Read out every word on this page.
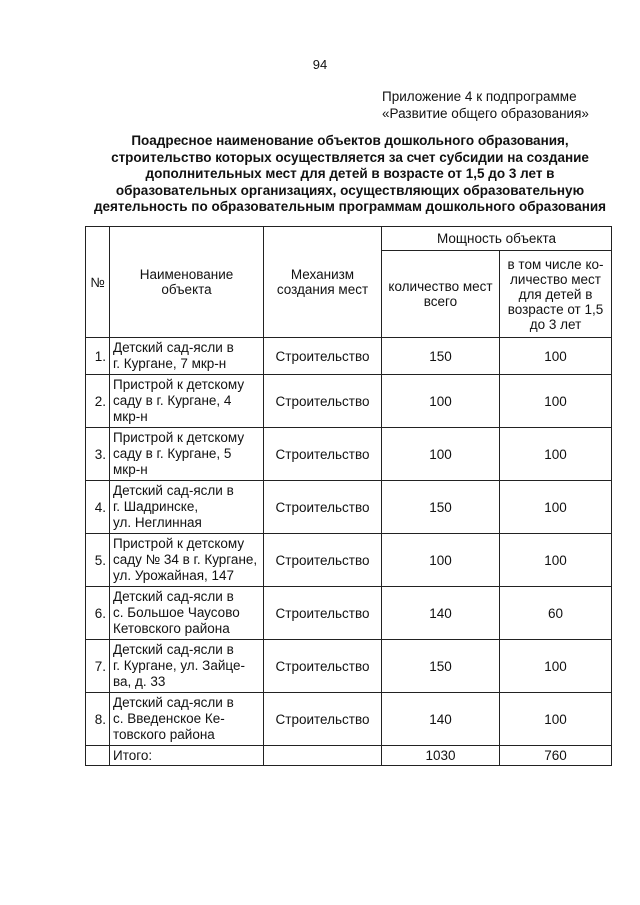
94
Приложение 4 к подпрограмме
«Развитие общего образования»
Поадресное наименование объектов дошкольного образования,
строительство которых осуществляется за счет субсидии на создание
дополнительных мест для детей в возрасте от 1,5 до 3 лет в
образовательных организациях, осуществляющих образовательную
деятельность по образовательным программам дошкольного образования
№	Наименование объекта	Механизм создания мест	Мощность объекта	
			количество мест всего	в том числе ко-личество мест для детей в возрасте от 1,5 до 3 лет
1.	Детский сад-ясли в
г. Кургане, 7 мкр-н	Строительство	150	100
2.	Пристрой к детскому
саду в г. Кургане, 4
мкр-н	Строительство	100	100
3.	Пристрой к детскому
саду в г. Кургане, 5
мкр-н	Строительство	100	100
4.	Детский сад-ясли в
г. Шадринске,
ул. Неглинная	Строительство	150	100
5.	Пристрой к детскому
саду № 34 в г. Кургане,
ул. Урожайная, 147	Строительство	100	100
6.	Детский сад-ясли в
с. Большое Чаусово
Кетовского района	Строительство	140	60
7.	Детский сад-ясли в
г. Кургане, ул. Зайце-
ва, д. 33	Строительство	150	100
8.	Детский сад-ясли в
с. Введенское Ке-
товского района	Строительство	140	100
	Итого:		1030	760
